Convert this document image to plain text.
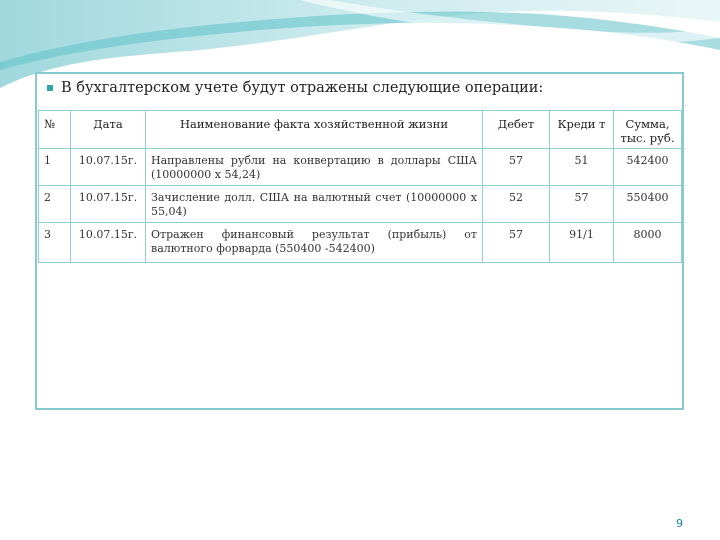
В бухгалтерском учете будут отражены следующие операции:
№	Дата	Наименование факта хозяйственной жизни	Дебет	Креди т	Сумма, тыс. руб.
1	10.07.15г.	Направлены рубли на конвертацию в доллары США (10000000 х 54,24)	57	51	542400
2	10.07.15г.	Зачисление долл. США на валютный счет (10000000 х 55,04)	52	57	550400
3	10.07.15г.	Отражен финансовый результат (прибыль) от валютного форварда (550400 -542400)	57	91/1	8000
9
